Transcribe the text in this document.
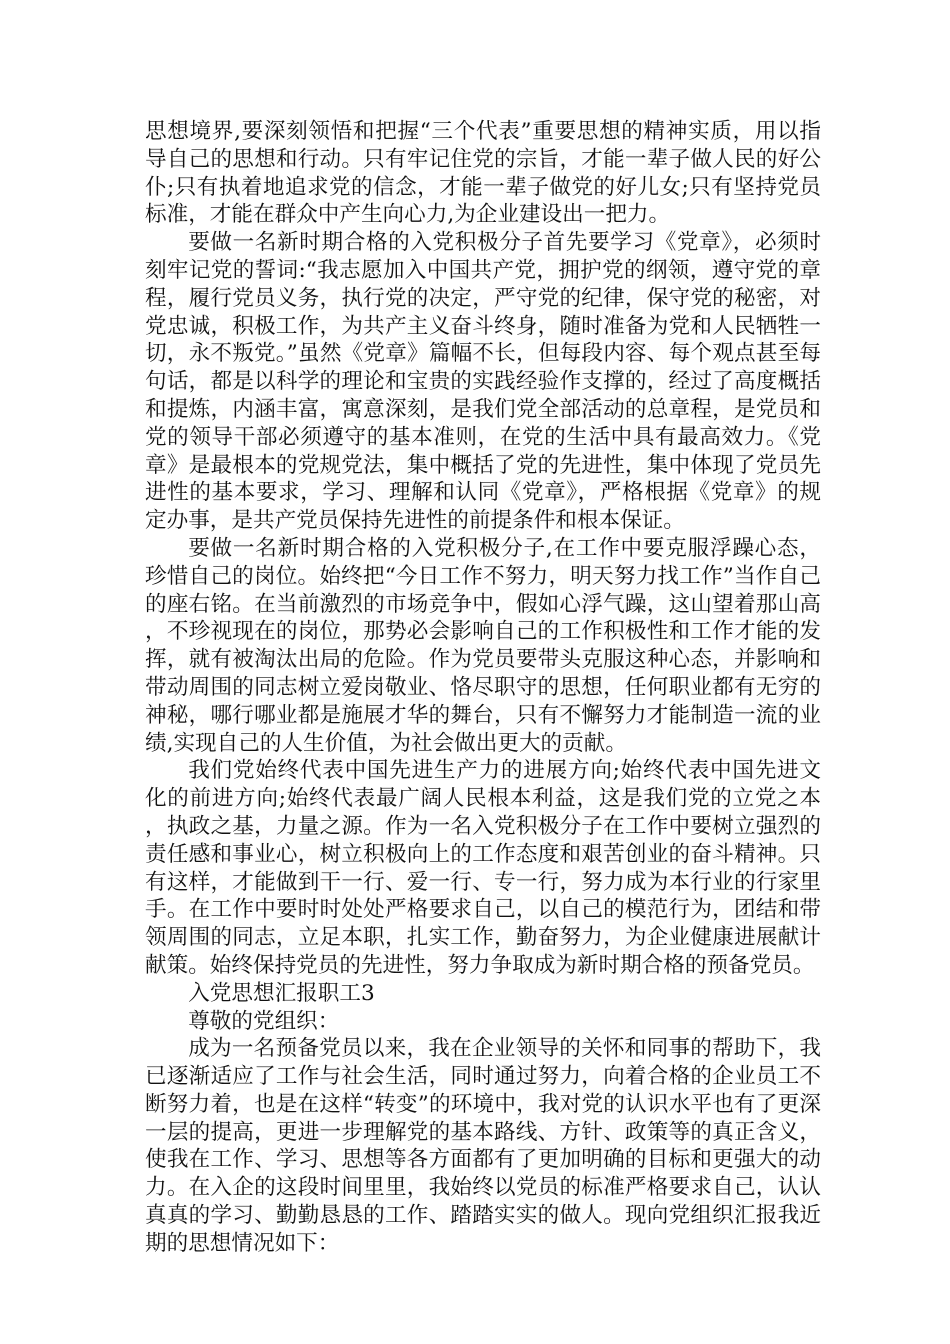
思想境界,要深刻领悟和把握“三个代表”重要思想的精神实质，用以指导自己的思想和行动。只有牢记住党的宗旨，才能一辈子做人民的好公仆;只有执着地追求党的信念，才能一辈子做党的好儿女;只有坚持党员标准，才能在群众中产生向心力,为企业建设出一把力。

要做一名新时期合格的入党积极分子首先要学习《党章》，必须时刻牢记党的誓词:“我志愿加入中国共产党，拥护党的纲领，遵守党的章程，履行党员义务，执行党的决定，严守党的纪律，保守党的秘密，对党忠诚，积极工作，为共产主义奋斗终身，随时准备为党和人民牺牲一切，永不叛党。”虽然《党章》篇幅不长，但每段内容、每个观点甚至每句话，都是以科学的理论和宝贵的实践经验作支撑的，经过了高度概括和提炼，内涵丰富，寓意深刻，是我们党全部活动的总章程，是党员和党的领导干部必须遵守的基本准则，在党的生活中具有最高效力。《党章》是最根本的党规党法，集中概括了党的先进性，集中体现了党员先进性的基本要求，学习、理解和认同《党章》，严格根据《党章》的规定办事，是共产党员保持先进性的前提条件和根本保证。

要做一名新时期合格的入党积极分子,在工作中要克服浮躁心态，珍惜自己的岗位。始终把“今日工作不努力，明天努力找工作”当作自己的座右铭。在当前激烈的市场竞争中，假如心浮气躁，这山望着那山高，不珍视现在的岗位，那势必会影响自己的工作积极性和工作才能的发挥，就有被淘汰出局的危险。作为党员要带头克服这种心态，并影响和带动周围的同志树立爱岗敬业、恪尽职守的思想，任何职业都有无穷的神秘，哪行哪业都是施展才华的舞台，只有不懈努力才能制造一流的业绩,实现自己的人生价值，为社会做出更大的贡献。

我们党始终代表中国先进生产力的进展方向;始终代表中国先进文化的前进方向;始终代表最广阔人民根本利益，这是我们党的立党之本，执政之基，力量之源。作为一名入党积极分子在工作中要树立强烈的责任感和事业心，树立积极向上的工作态度和艰苦创业的奋斗精神。只有这样，才能做到干一行、爱一行、专一行，努力成为本行业的行家里手。在工作中要时时处处严格要求自己，以自己的模范行为，团结和带领周围的同志，立足本职，扎实工作，勤奋努力，为企业健康进展献计献策。始终保持党员的先进性，努力争取成为新时期合格的预备党员。

入党思想汇报职工3

尊敬的党组织：

成为一名预备党员以来，我在企业领导的关怀和同事的帮助下，我已逐渐适应了工作与社会生活，同时通过努力，向着合格的企业员工不断努力着，也是在这样“转变”的环境中，我对党的认识水平也有了更深一层的提高，更进一步理解党的基本路线、方针、政策等的真正含义，使我在工作、学习、思想等各方面都有了更加明确的目标和更强大的动力。在入企的这段时间里里，我始终以党员的标准严格要求自己，认认真真的学习、勤勤恳恳的工作、踏踏实实的做人。现向党组织汇报我近期的思想情况如下：
